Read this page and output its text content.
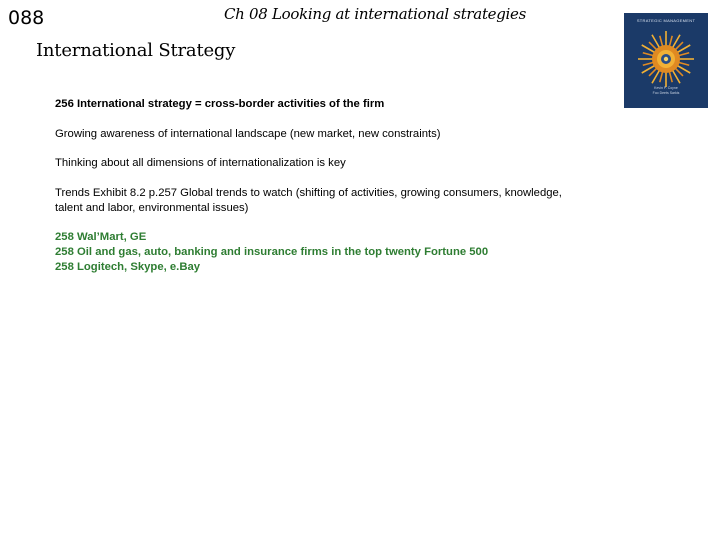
088	Ch 08 Looking at international strategies
International Strategy
STRATEGIC MANAGEMENT
Kevin P. Coyne
Foo Deets Sarkis

256 International strategy = cross-border activities of the firm

Growing awareness of international landscape (new market, new constraints)

Thinking about all dimensions of internationalization is key

Trends Exhibit 8.2 p.257 Global trends to watch (shifting of activities, growing consumers, knowledge, talent and labor, environmental issues)

258 Wal’Mart, GE
258 Oil and gas, auto, banking and insurance firms in the top twenty Fortune 500
258 Logitech, Skype, e.Bay
